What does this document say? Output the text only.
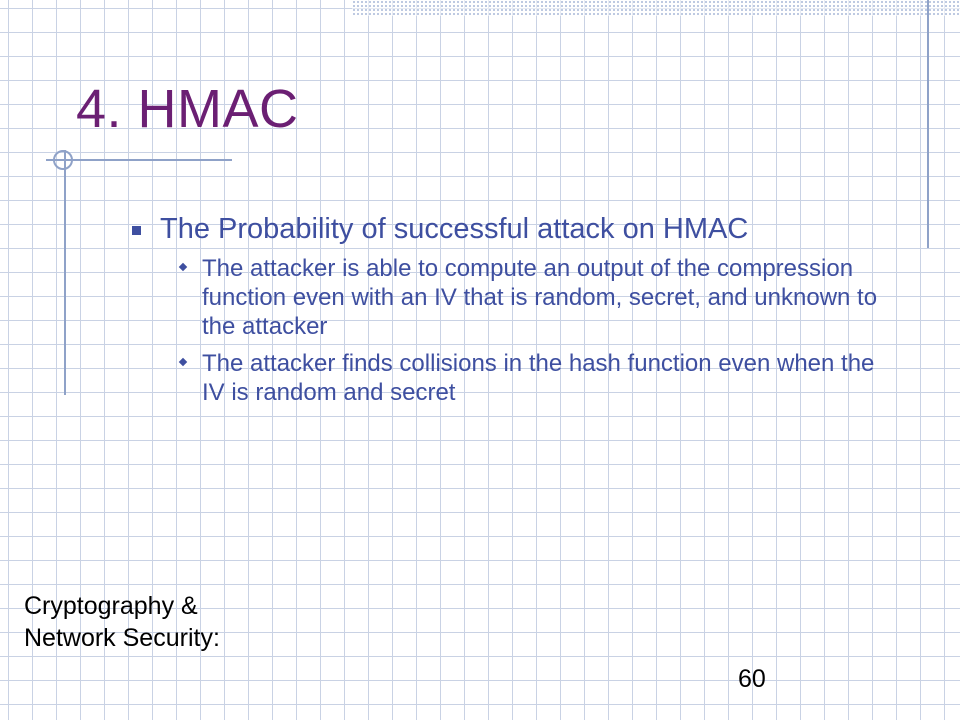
4. HMAC
The Probability of successful attack on HMAC
The attacker is able to compute an output of the compression function even with an IV that is random, secret, and unknown to the attacker
The attacker finds collisions in the hash function even when the IV is random and secret
Cryptography & Network Security:
60
